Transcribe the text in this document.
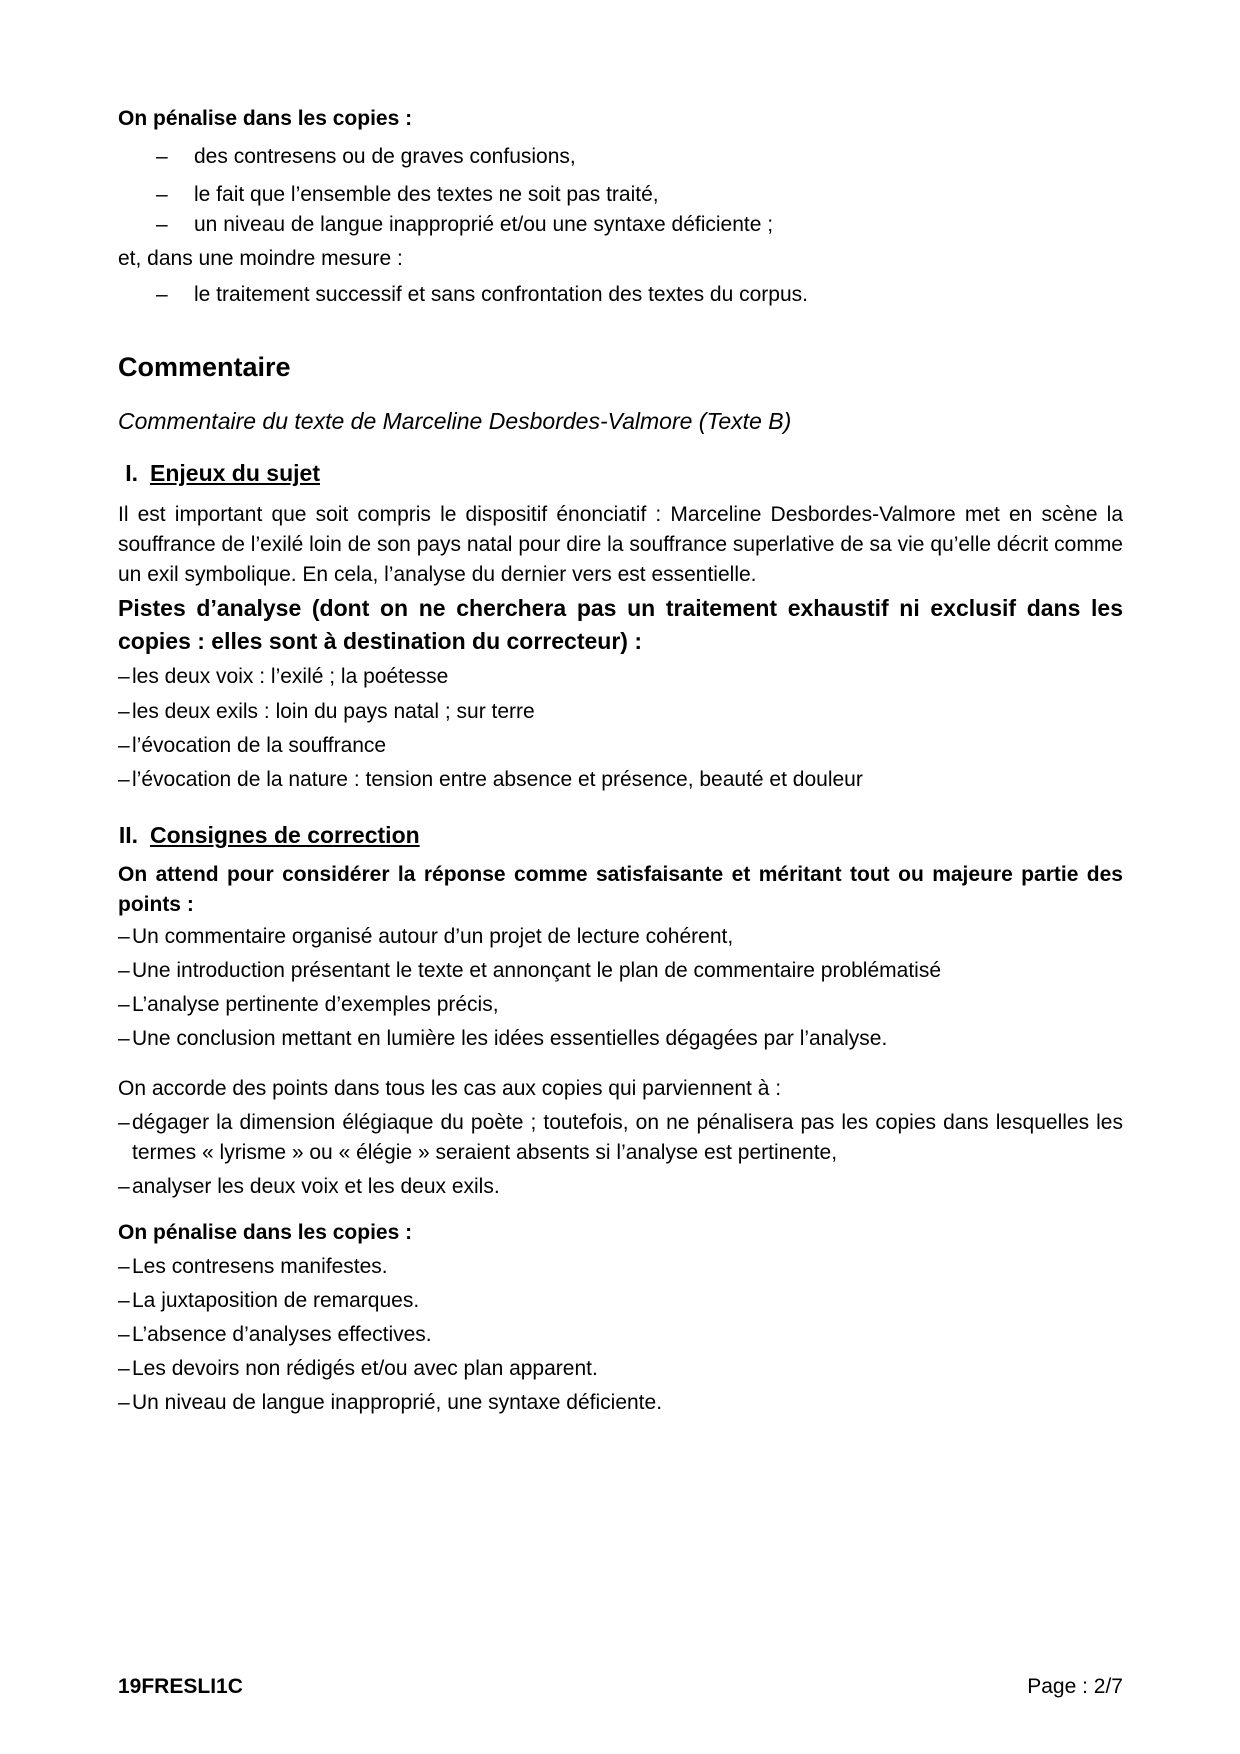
On pénalise dans les copies :
– des contresens ou de graves confusions,
– le fait que l’ensemble des textes ne soit pas traité,
– un niveau de langue inapproprié et/ou une syntaxe déficiente ;
et, dans une moindre mesure :
– le traitement successif et sans confrontation des textes du corpus.
Commentaire
Commentaire du texte de Marceline Desbordes-Valmore (Texte B)
I. Enjeux du sujet
Il est important que soit compris le dispositif énonciatif : Marceline Desbordes-Valmore met en scène la souffrance de l’exilé loin de son pays natal pour dire la souffrance superlative de sa vie qu’elle décrit comme un exil symbolique. En cela, l’analyse du dernier vers est essentielle.
Pistes d’analyse (dont on ne cherchera pas un traitement exhaustif ni exclusif dans les copies : elles sont à destination du correcteur) :
– les deux voix : l’exilé ; la poétesse
– les deux exils : loin du pays natal ; sur terre
– l’évocation de la souffrance
– l’évocation de la nature : tension entre absence et présence, beauté et douleur
II. Consignes de correction
On attend pour considérer la réponse comme satisfaisante et méritant tout ou majeure partie des points :
– Un commentaire organisé autour d’un projet de lecture cohérent,
– Une introduction présentant le texte et annonçant le plan de commentaire problématisé
– L’analyse pertinente d’exemples précis,
– Une conclusion mettant en lumière les idées essentielles dégagées par l’analyse.
On accorde des points dans tous les cas aux copies qui parviennent à :
– dégager la dimension élégiaque du poète ; toutefois, on ne pénalisera pas les copies dans lesquelles les termes « lyrisme » ou « élégie » seraient absents si l’analyse est pertinente,
– analyser les deux voix et les deux exils.
On pénalise dans les copies :
– Les contresens manifestes.
– La juxtaposition de remarques.
– L’absence d’analyses effectives.
– Les devoirs non rédigés et/ou avec plan apparent.
– Un niveau de langue inapproprié, une syntaxe déficiente.
19FRESLI1C	Page : 2/7
